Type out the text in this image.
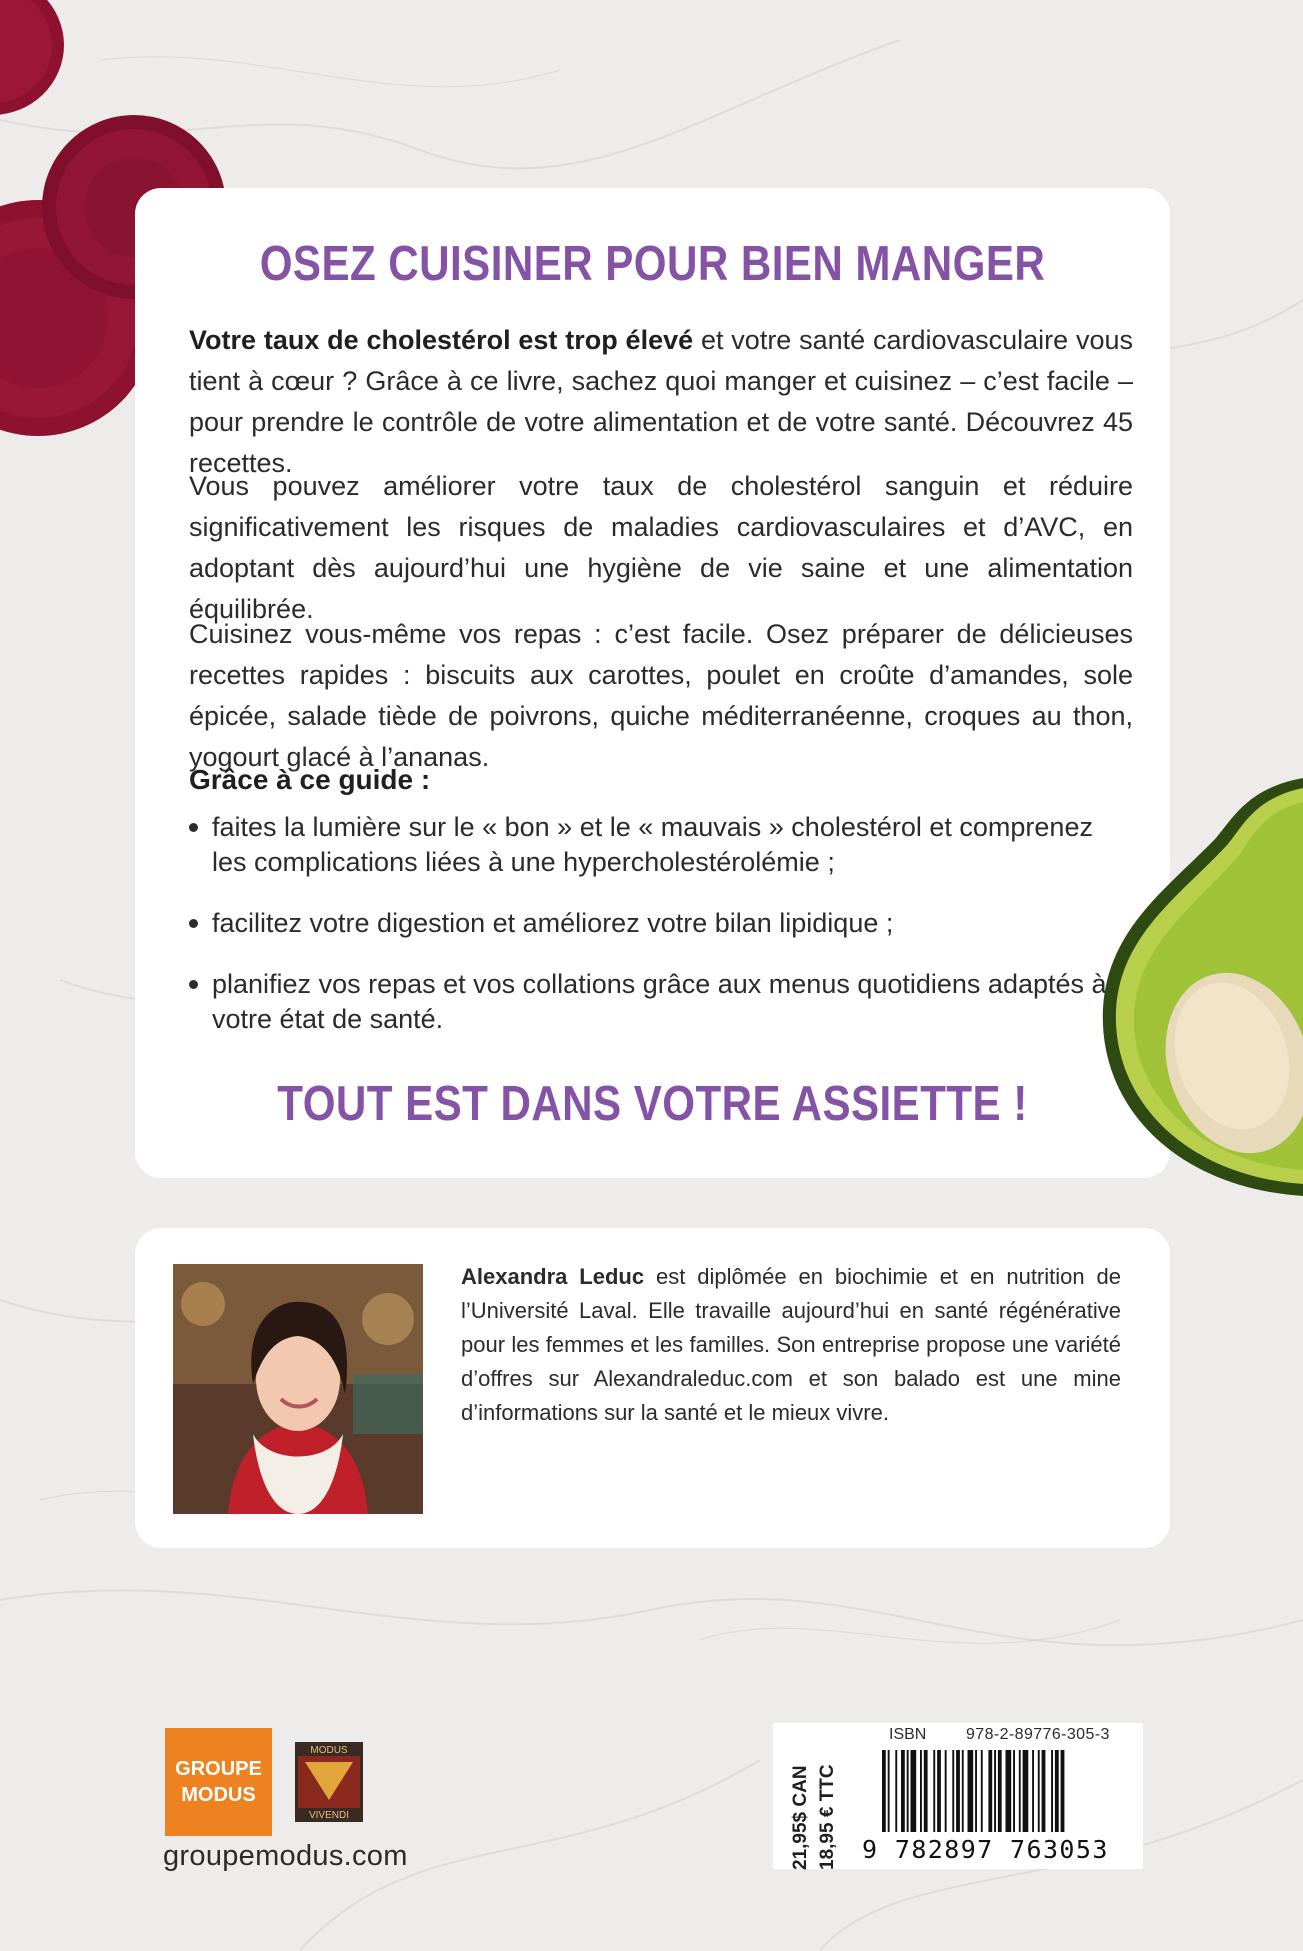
OSEZ CUISINER POUR BIEN MANGER
Votre taux de cholestérol est trop élevé et votre santé cardiovasculaire vous tient à cœur ? Grâce à ce livre, sachez quoi manger et cuisinez – c’est facile – pour prendre le contrôle de votre alimentation et de votre santé. Découvrez 45 recettes.
Vous pouvez améliorer votre taux de cholestérol sanguin et réduire significativement les risques de maladies cardiovasculaires et d’AVC, en adoptant dès aujourd’hui une hygiène de vie saine et une alimentation équilibrée.
Cuisinez vous-même vos repas : c’est facile. Osez préparer de délicieuses recettes rapides : biscuits aux carottes, poulet en croûte d’amandes, sole épicée, salade tiède de poivrons, quiche méditerranéenne, croques au thon, yogourt glacé à l’ananas.
Grâce à ce guide :
faites la lumière sur le « bon » et le « mauvais » cholestérol et comprenez les complications liées à une hypercholestérolémie ;
facilitez votre digestion et améliorez votre bilan lipidique ;
planifiez vos repas et vos collations grâce aux menus quotidiens adaptés à votre état de santé.
TOUT EST DANS VOTRE ASSIETTE !
Alexandra Leduc est diplômée en biochimie et en nutrition de l’Université Laval. Elle travaille aujourd’hui en santé régénérative pour les femmes et les familles. Son entreprise propose une variété d’offres sur Alexandraleduc.com et son balado est une mine d’informations sur la santé et le mieux vivre.
GROUPE
MODUS
MODUS
VIVENDI
groupemodus.com	21,95$ CAN 18,95 € TTC
ISBN 978-2-89776-305-3
9 782897 763053
